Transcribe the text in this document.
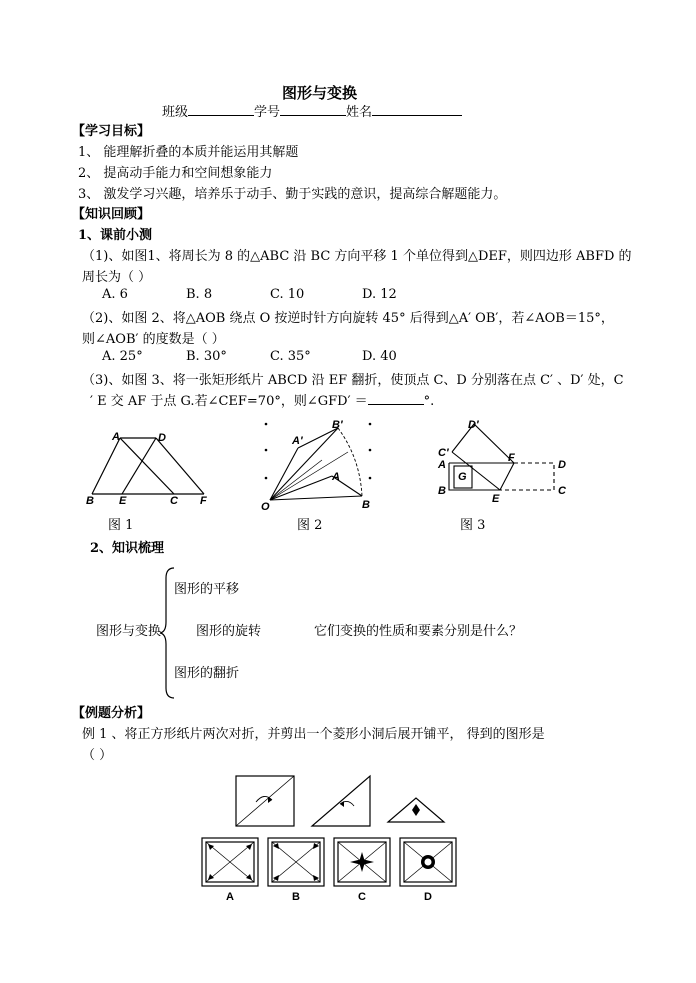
图形与变换
班级	学号	姓名
【学习目标】
1、 能理解折叠的本质并能运用其解题
2、 提高动手能力和空间想象能力
3、 激发学习兴趣，培养乐于动手、勤于实践的意识，提高综合解题能力。
【知识回顾】
1、课前小测
（1)、如图1、将周长为 8 的△ABC 沿 BC 方向平移 1 个单位得到△DEF，则四边形 ABFD 的
周长为（ ）
A. 6	B. 8	C. 10	D. 12
（2)、如图 2、将△AOB 绕点 O 按逆时针方向旋转 45° 后得到△A′ OB′，若∠AOB＝15°，
则∠AOB′ 的度数是（ ）
A. 25°	B. 30°	C. 35°	D. 40
（3)、如图 3、将一张矩形纸片 ABCD 沿 EF 翻折，使顶点 C、D 分别落在点 C′ 、D′ 处，C
′ E 交 AF 于点 G.若∠CEF=70°，则∠GFD′ ＝	°.
A	D
B E	C F
图 1
A′
B′
A
O	B
图 2
D′
C′
A
G
F
D
B
E
C
图 3
2、知识梳理
图形与变换
图形的平移
图形的旋转
图形的翻折
它们变换的性质和要素分别是什么？
【例题分析】
例 1 、将正方形纸片两次对折，并剪出一个菱形小洞后展开铺平， 得到的图形是
（ ）
A	B	C	D
